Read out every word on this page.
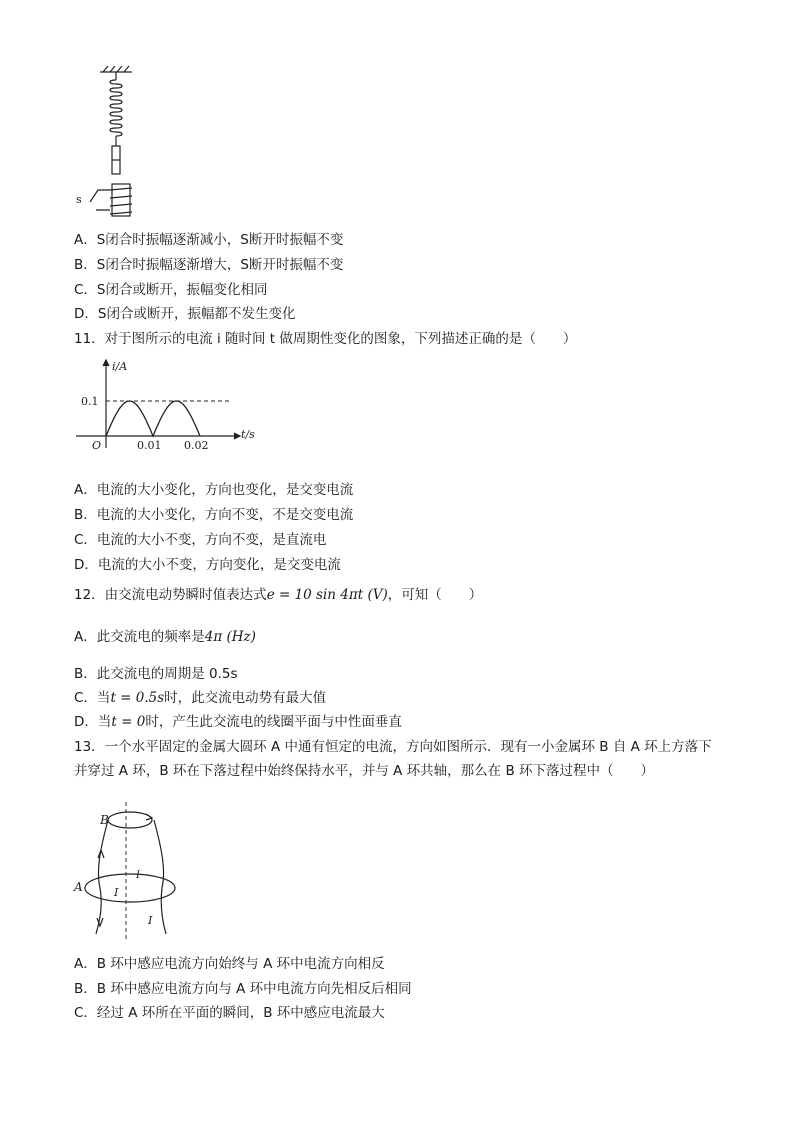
s
A．S闭合时振幅逐渐减小，S断开时振幅不变
B．S闭合时振幅逐渐增大，S断开时振幅不变
C．S闭合或断开，振幅变化相同
D．S闭合或断开，振幅都不发生变化
11．对于图所示的电流 i 随时间 t 做周期性变化的图象，下列描述正确的是（　　）
i/A
t/s
O
0.1
0.01 0.02
A．电流的大小变化，方向也变化，是交变电流
B．电流的大小变化，方向不变，不是交变电流
C．电流的大小不变，方向不变，是直流电
D．电流的大小不变，方向变化，是交变电流
12．由交流电动势瞬时值表达式e = 10 sin 4πt (V)，可知（　　）
A．此交流电的频率是4π (Hz)
B．此交流电的周期是 0.5s
C．当t = 0.5s时，此交流电动势有最大值
D．当t = 0时，产生此交流电的线圈平面与中性面垂直
13．一个水平固定的金属大圆环 A 中通有恒定的电流，方向如图所示．现有一小金属环 B 自 A 环上方落下
并穿过 A 环，B 环在下落过程中始终保持水平，并与 A 环共轴，那么在 B 环下落过程中（　　）
B
A	I
I
I
A．B 环中感应电流方向始终与 A 环中电流方向相反
B．B 环中感应电流方向与 A 环中电流方向先相反后相同
C．经过 A 环所在平面的瞬间，B 环中感应电流最大
